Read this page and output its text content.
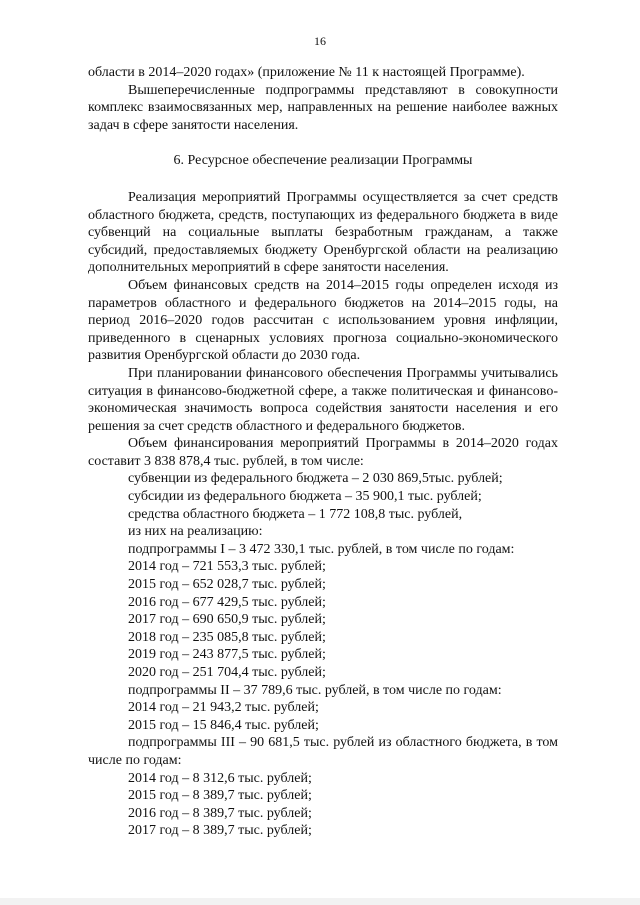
16

области в 2014–2020 годах» (приложение № 11 к настоящей Программе).

Вышеперечисленные подпрограммы представляют в совокупности комплекс взаимосвязанных мер, направленных на решение наиболее важных задач в сфере занятости населения.

6. Ресурсное обеспечение реализации Программы

Реализация мероприятий Программы осуществляется за счет средств областного бюджета, средств, поступающих из федерального бюджета в виде субвенций на социальные выплаты безработным гражданам, а также субсидий, предоставляемых бюджету Оренбургской области на реализацию дополнительных мероприятий в сфере занятости населения.

Объем финансовых средств на 2014–2015 годы определен исходя из параметров областного и федерального бюджетов на 2014–2015 годы, на период 2016–2020 годов рассчитан с использованием уровня инфляции, приведенного в сценарных условиях прогноза социально-экономического развития Оренбургской области до 2030 года.

При планировании финансового обеспечения Программы учитывались ситуация в финансово-бюджетной сфере, а также политическая и финансово-экономическая значимость вопроса содействия занятости населения и его решения за счет средств областного и федерального бюджетов.

Объем финансирования мероприятий Программы в 2014–2020 годах составит 3 838 878,4 тыс. рублей, в том числе:

субвенции из федерального бюджета – 2 030 869,5тыс. рублей;

субсидии из федерального бюджета – 35 900,1 тыс. рублей;

средства областного бюджета – 1 772 108,8 тыс. рублей,

из них на реализацию:

подпрограммы I – 3 472 330,1 тыс. рублей, в том числе по годам:

2014 год – 721 553,3 тыс. рублей;

2015 год – 652 028,7 тыс. рублей;

2016 год – 677 429,5 тыс. рублей;

2017 год – 690 650,9 тыс. рублей;

2018 год – 235 085,8 тыс. рублей;

2019 год – 243 877,5 тыс. рублей;

2020 год – 251 704,4 тыс. рублей;

подпрограммы II – 37 789,6 тыс. рублей, в том числе по годам:

2014 год – 21 943,2 тыс. рублей;

2015 год – 15 846,4 тыс. рублей;

подпрограммы III – 90 681,5 тыс. рублей из областного бюджета, в том числе по годам:

2014 год – 8 312,6 тыс. рублей;

2015 год – 8 389,7 тыс. рублей;

2016 год – 8 389,7 тыс. рублей;

2017 год – 8 389,7 тыс. рублей;
